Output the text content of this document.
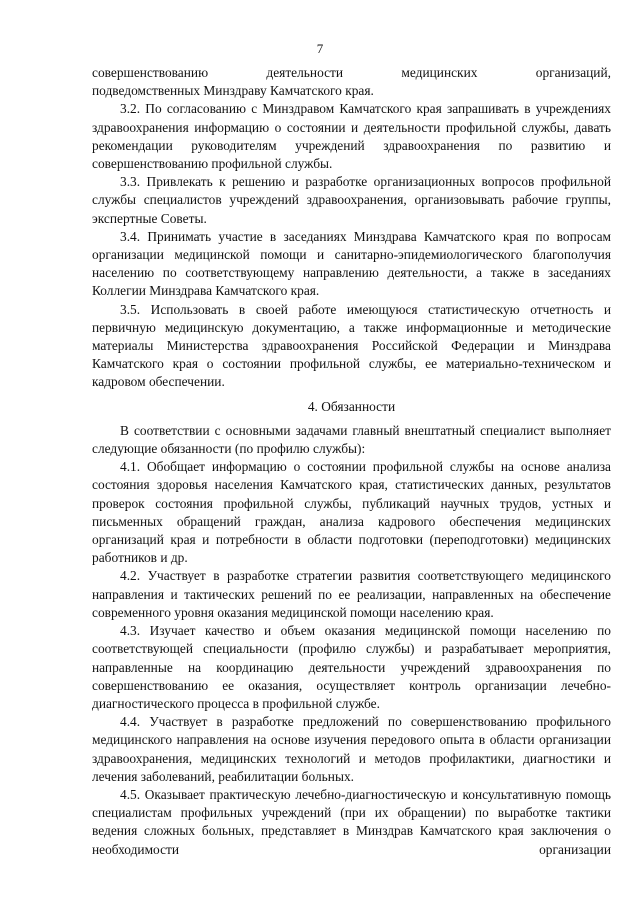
7

совершенствованию деятельности медицинских организаций,

подведомственных Минздраву Камчатского края.

3.2. По согласованию с Минздравом Камчатского края запрашивать в учреждениях здравоохранения информацию о состоянии и деятельности профильной службы, давать рекомендации руководителям учреждений здравоохранения по развитию и совершенствованию профильной службы.

3.3. Привлекать к решению и разработке организационных вопросов профильной службы специалистов учреждений здравоохранения, организовывать рабочие группы, экспертные Советы.

3.4. Принимать участие в заседаниях Минздрава Камчатского края по вопросам организации медицинской помощи и санитарно-эпидемиологического благополучия населению по соответствующему направлению деятельности, а также в заседаниях Коллегии Минздрава Камчатского края.

3.5. Использовать в своей работе имеющуюся статистическую отчетность и первичную медицинскую документацию, а также информационные и методические материалы Министерства здравоохранения Российской Федерации и Минздрава Камчатского края о состоянии профильной службы, ее материально-техническом и кадровом обеспечении.

4. Обязанности

В соответствии с основными задачами главный внештатный специалист выполняет следующие обязанности (по профилю службы):

4.1. Обобщает информацию о состоянии профильной службы на основе анализа состояния здоровья населения Камчатского края, статистических данных, результатов проверок состояния профильной службы, публикаций научных трудов, устных и письменных обращений граждан, анализа кадрового обеспечения медицинских организаций края и потребности в области подготовки (переподготовки) медицинских работников и др.

4.2. Участвует в разработке стратегии развития соответствующего медицинского направления и тактических решений по ее реализации, направленных на обеспечение современного уровня оказания медицинской помощи населению края.

4.3. Изучает качество и объем оказания медицинской помощи населению по соответствующей специальности (профилю службы) и разрабатывает мероприятия, направленные на координацию деятельности учреждений здравоохранения по совершенствованию ее оказания, осуществляет контроль организации лечебно-диагностического процесса в профильной службе.

4.4. Участвует в разработке предложений по совершенствованию профильного медицинского направления на основе изучения передового опыта в области организации здравоохранения, медицинских технологий и методов профилактики, диагностики и лечения заболеваний, реабилитации больных.

4.5. Оказывает практическую лечебно-диагностическую и консультативную помощь специалистам профильных учреждений (при их обращении) по выработке тактики ведения сложных больных, представляет в Минздрав Камчатского края заключения о необходимости организации
